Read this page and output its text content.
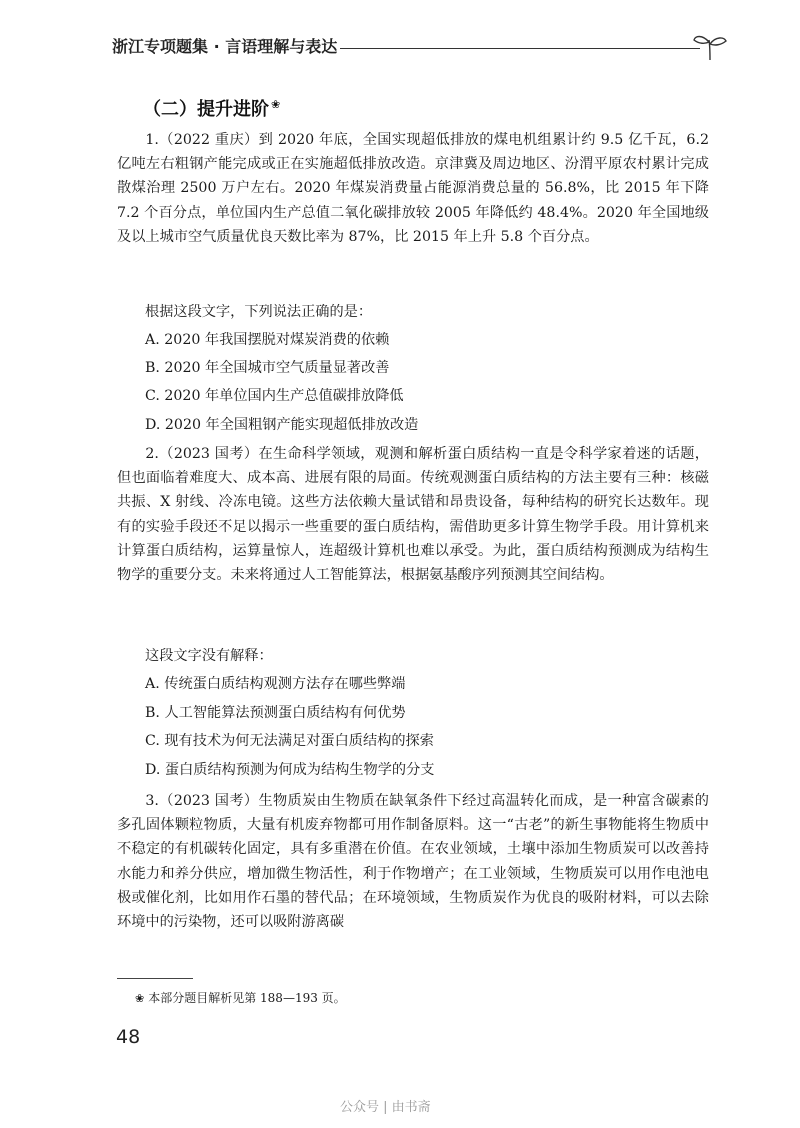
浙江专项题集 · 言语理解与表达
（二）提升进阶 ❀

1.（2022 重庆）到 2020 年底，全国实现超低排放的煤电机组累计约 9.5 亿千瓦，6.2 亿吨左右粗钢产能完成或正在实施超低排放改造。京津冀及周边地区、汾渭平原农村累计完成散煤治理 2500 万户左右。2020 年煤炭消费量占能源消费总量的 56.8%，比 2015 年下降 7.2 个百分点，单位国内生产总值二氧化碳排放较 2005 年降低约 48.4%。2020 年全国地级及以上城市空气质量优良天数比率为 87%，比 2015 年上升 5.8 个百分点。

根据这段文字，下列说法正确的是：
A. 2020 年我国摆脱对煤炭消费的依赖
B. 2020 年全国城市空气质量显著改善
C. 2020 年单位国内生产总值碳排放降低
D. 2020 年全国粗钢产能实现超低排放改造

2.（2023 国考）在生命科学领域，观测和解析蛋白质结构一直是令科学家着迷的话题，但也面临着难度大、成本高、进展有限的局面。传统观测蛋白质结构的方法主要有三种：核磁共振、X 射线、冷冻电镜。这些方法依赖大量试错和昂贵设备，每种结构的研究长达数年。现有的实验手段还不足以揭示一些重要的蛋白质结构，需借助更多计算生物学手段。用计算机来计算蛋白质结构，运算量惊人，连超级计算机也难以承受。为此，蛋白质结构预测成为结构生物学的重要分支。未来将通过人工智能算法，根据氨基酸序列预测其空间结构。

这段文字没有解释：
A. 传统蛋白质结构观测方法存在哪些弊端
B. 人工智能算法预测蛋白质结构有何优势
C. 现有技术为何无法满足对蛋白质结构的探索
D. 蛋白质结构预测为何成为结构生物学的分支

3.（2023 国考）生物质炭由生物质在缺氧条件下经过高温转化而成，是一种富含碳素的多孔固体颗粒物质，大量有机废弃物都可用作制备原料。这一“古老”的新生事物能将生物质中不稳定的有机碳转化固定，具有多重潜在价值。在农业领域，土壤中添加生物质炭可以改善持水能力和养分供应，增加微生物活性，利于作物增产；在工业领域，生物质炭可以用作电池电极或催化剂，比如用作石墨的替代品；在环境领域，生物质炭作为优良的吸附材料，可以去除环境中的污染物，还可以吸附游离碳

❀ 本部分题目解析见第 188—193 页。
48
公众号 | 由书斋
